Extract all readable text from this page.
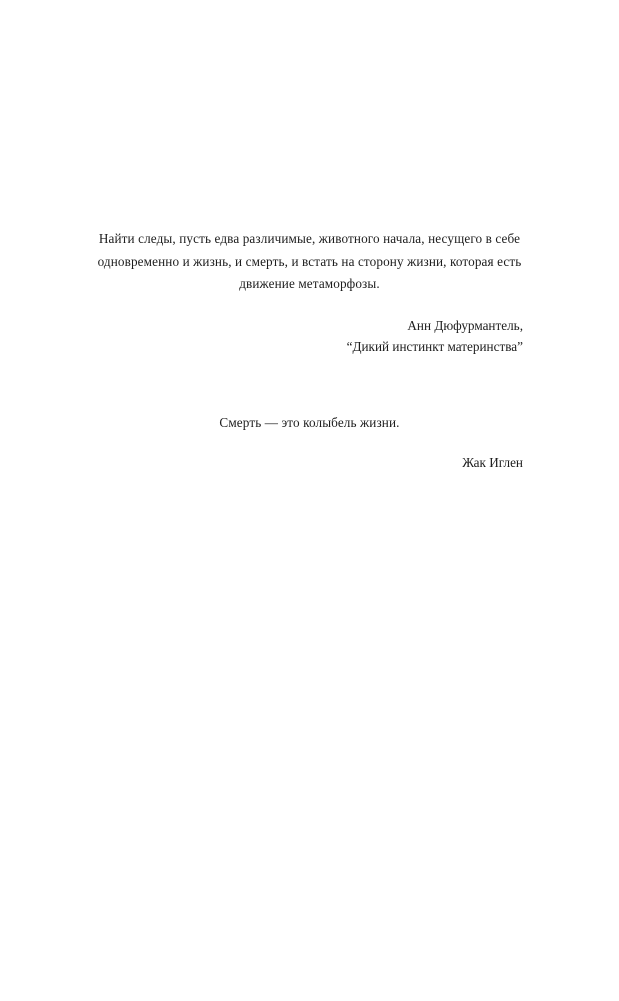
Найти следы, пусть едва различимые, животного начала, несущего в себе одновременно и жизнь, и смерть, и встать на сторону жизни, которая есть движение метаморфозы.

Анн Дюфурмантель,
“Дикий инстинкт материнства”

Смерть — это колыбель жизни.

Жак Иглен
